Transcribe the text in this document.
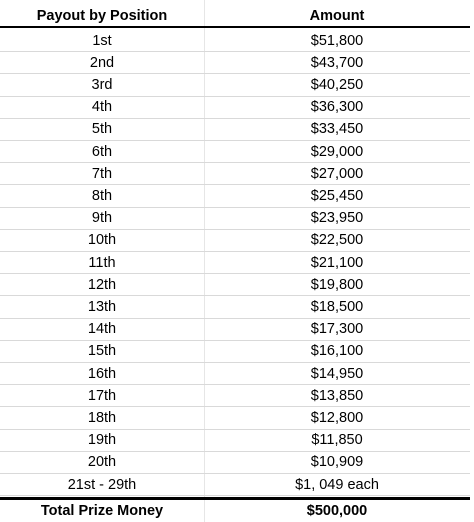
Payout by Position	Amount
1st	$51,800
2nd	$43,700
3rd	$40,250
4th	$36,300
5th	$33,450
6th	$29,000
7th	$27,000
8th	$25,450
9th	$23,950
10th	$22,500
11th	$21,100
12th	$19,800
13th	$18,500
14th	$17,300
15th	$16,100
16th	$14,950
17th	$13,850
18th	$12,800
19th	$11,850
20th	$10,909
21st - 29th	$1, 049 each
Total Prize Money	$500,000
